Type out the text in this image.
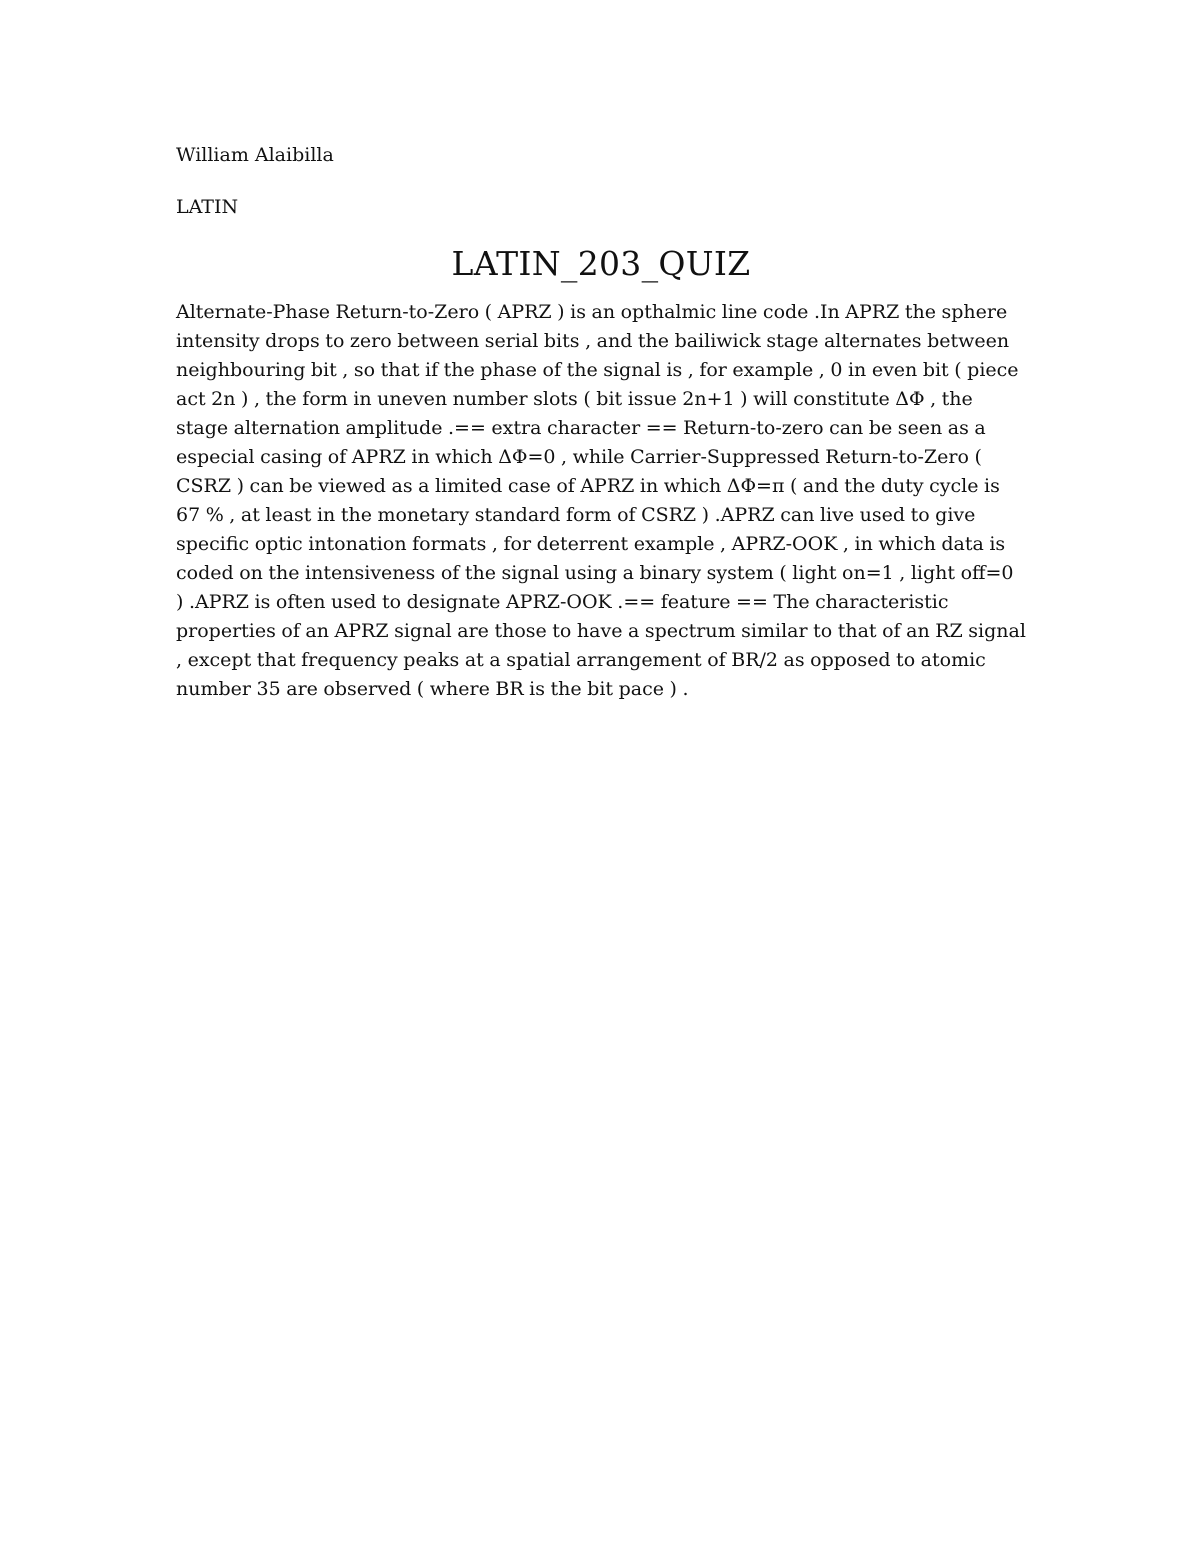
William Alaibilla

LATIN

LATIN_203_QUIZ

Alternate-Phase Return-to-Zero ( APRZ ) is an opthalmic line code .In APRZ the sphere intensity drops to zero between serial bits , and the bailiwick stage alternates between neighbouring bit , so that if the phase of the signal is , for example , 0 in even bit ( piece act 2n ) , the form in uneven number slots ( bit issue 2n+1 ) will constitute ΔΦ , the stage alternation amplitude .== extra character == Return-to-zero can be seen as a especial casing of APRZ in which ΔΦ=0 , while Carrier-Suppressed Return-to-Zero ( CSRZ ) can be viewed as a limited case of APRZ in which ΔΦ=π ( and the duty cycle is 67 % , at least in the monetary standard form of CSRZ ) .APRZ can live used to give specific optic intonation formats , for deterrent example , APRZ-OOK , in which data is coded on the intensiveness of the signal using a binary system ( light on=1 , light off=0 ) .APRZ is often used to designate APRZ-OOK .== feature == The characteristic properties of an APRZ signal are those to have a spectrum similar to that of an RZ signal , except that frequency peaks at a spatial arrangement of BR/2 as opposed to atomic number 35 are observed ( where BR is the bit pace ) .
